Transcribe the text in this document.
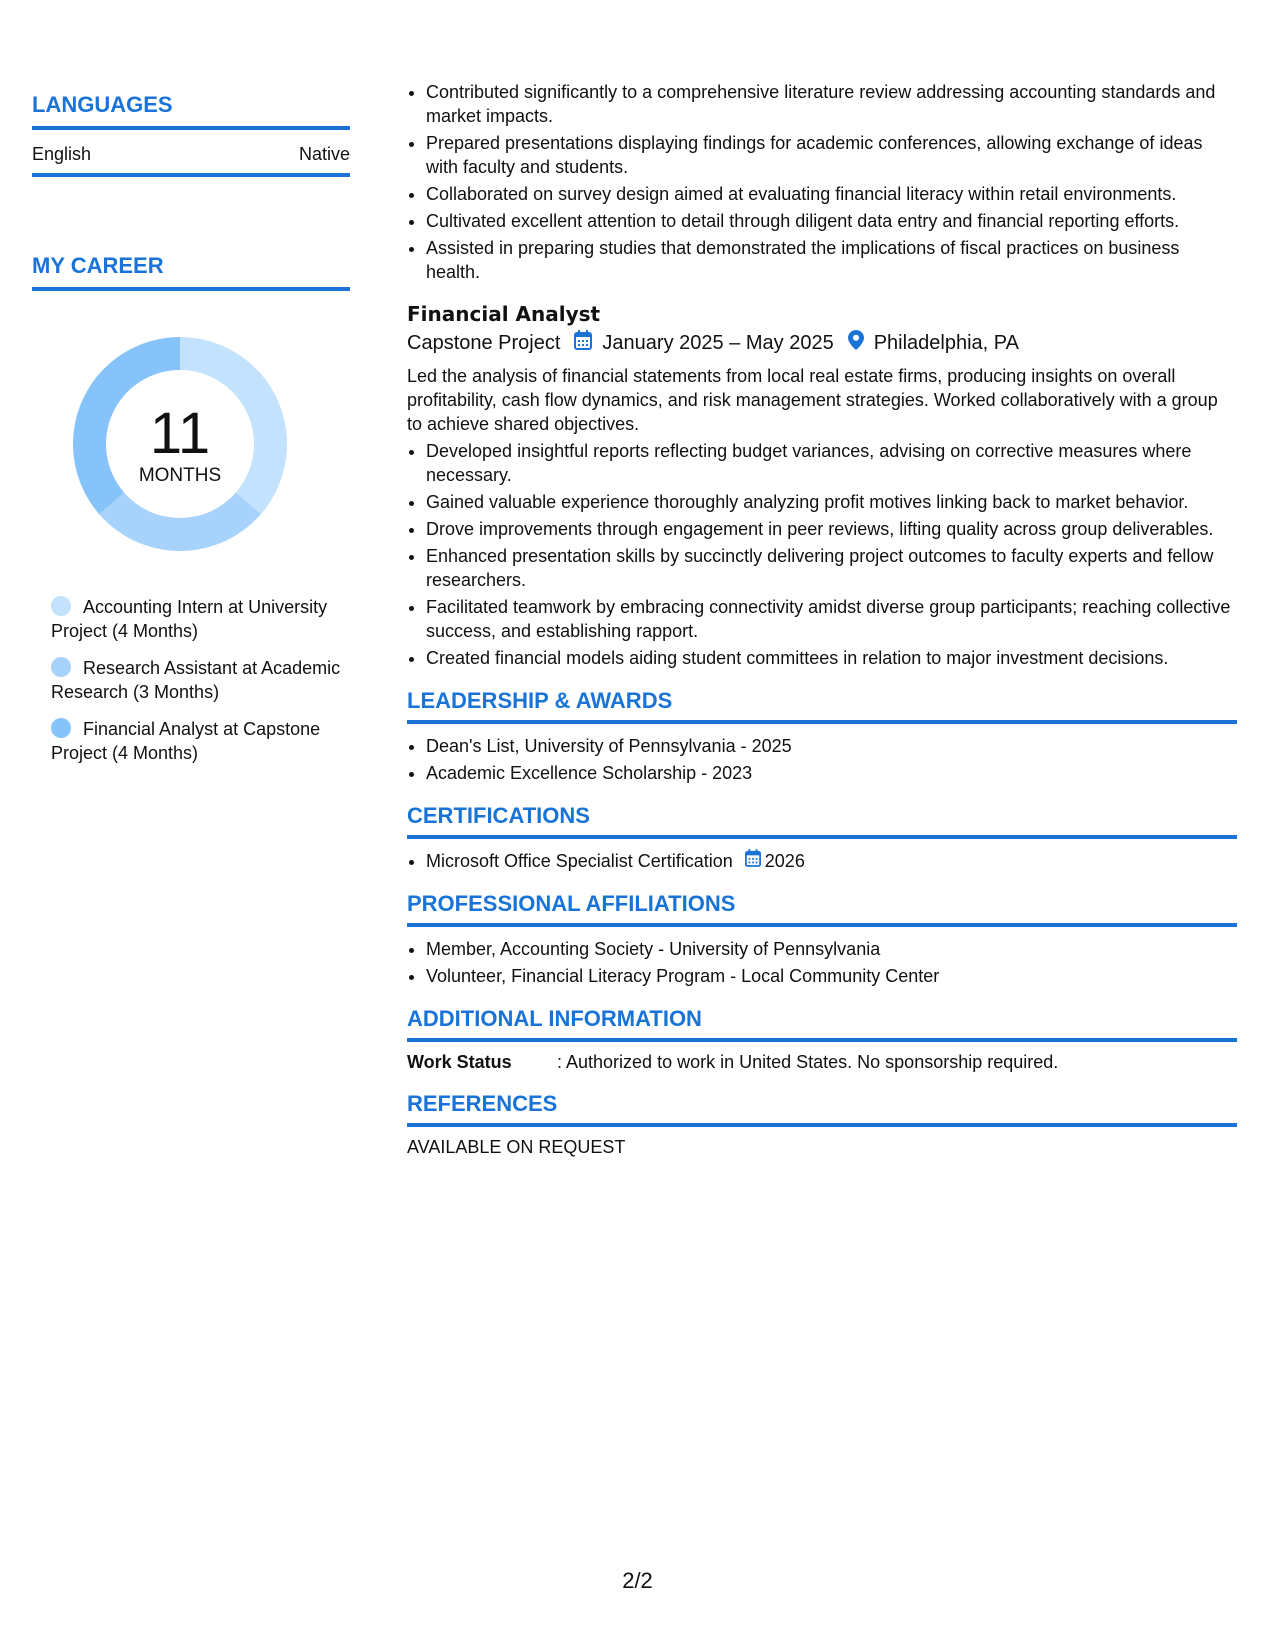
LANGUAGES
English	Native
MY CAREER
11
MONTHS
Accounting Intern at University Project (4 Months)
Research Assistant at Academic Research (3 Months)
Financial Analyst at Capstone Project (4 Months)
• Contributed significantly to a comprehensive literature review addressing accounting standards and market impacts.
• Prepared presentations displaying findings for academic conferences, allowing exchange of ideas with faculty and students.
• Collaborated on survey design aimed at evaluating financial literacy within retail environments.
• Cultivated excellent attention to detail through diligent data entry and financial reporting efforts.
• Assisted in preparing studies that demonstrated the implications of fiscal practices on business health.
Financial Analyst
Capstone Project January 2025 – May 2025 Philadelphia, PA

Led the analysis of financial statements from local real estate firms, producing insights on overall profitability, cash flow dynamics, and risk management strategies. Worked collaboratively with a group to achieve shared objectives.

• Developed insightful reports reflecting budget variances, advising on corrective measures where necessary.
• Gained valuable experience thoroughly analyzing profit motives linking back to market behavior.
• Drove improvements through engagement in peer reviews, lifting quality across group deliverables.
• Enhanced presentation skills by succinctly delivering project outcomes to faculty experts and fellow researchers.
• Facilitated teamwork by embracing connectivity amidst diverse group participants; reaching collective success, and establishing rapport.
• Created financial models aiding student committees in relation to major investment decisions.
LEADERSHIP & AWARDS
• Dean's List, University of Pennsylvania - 2025
• Academic Excellence Scholarship - 2023
CERTIFICATIONS
• Microsoft Office Specialist Certification 2026
PROFESSIONAL AFFILIATIONS
• Member, Accounting Society - University of Pennsylvania
• Volunteer, Financial Literacy Program - Local Community Center
ADDITIONAL INFORMATION
Work Status	: Authorized to work in United States. No sponsorship required.
REFERENCES
AVAILABLE ON REQUEST
2/2
